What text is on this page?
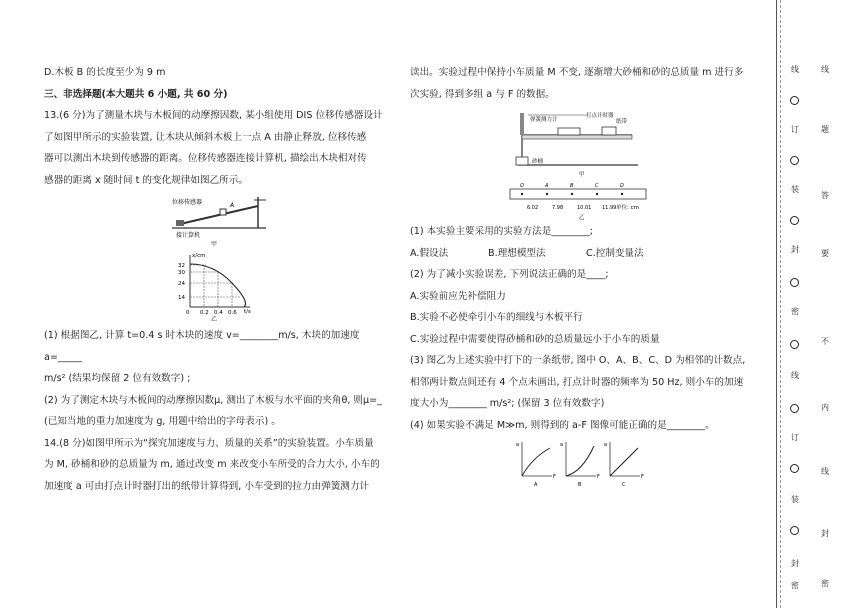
D.木板 B 的长度至少为 9 m

三、非选择题(本大题共 6 小题, 共 60 分)

13.(6 分)为了测量木块与木板间的动摩擦因数, 某小组使用 DIS 位移传感器设计

了如图甲所示的实验装置, 让木块从倾斜木板上一点 A 由静止释放, 位移传感

器可以测出木块到传感器的距离。位移传感器连接计算机, 描绘出木块相对传

感器的距离 x 随时间 t 的变化规律如图乙所示。

位移传感器
接计算机
A
甲
x/cm
t/s
32
30
24
14
0 0.2 0.4 0.6
乙

(1) 根据图乙, 计算 t=0.4 s 时木块的速度 v=________m/s, 木块的加速度 a=_____

m/s² (结果均保留 2 位有效数字) ;

(2) 为了测定木块与木板间的动摩擦因数μ, 测出了木板与水平面的夹角θ, 则μ=_

(已知当地的重力加速度为 g, 用题中给出的字母表示) 。

14.(8 分)如图甲所示为“探究加速度与力、质量的关系”的实验装置。小车质量

为 M, 砂桶和砂的总质量为 m, 通过改变 m 来改变小车所受的合力大小, 小车的

加速度 a 可由打点计时器打出的纸带计算得到, 小车受到的拉力由弹簧测力计

读出。实验过程中保持小车质量 M 不变, 逐渐增大砂桶和砂的总质量 m 进行多

次实验, 得到多组 a 与 F 的数据。

弹簧测力计
打点计时器
纸带
砂桶
甲
O	A	B	C	D
6.02	7.98	10.01 11.99 单位: cm
乙

(1) 本实验主要采用的实验方法是________;

A.假设法	B.理想模型法	C.控制变量法

(2) 为了减小实验误差, 下列说法正确的是____;

A.实验前应先补偿阻力

B.实验不必使牵引小车的细线与木板平行

C.实验过程中需要使得砂桶和砂的总质量远小于小车的质量

(3) 图乙为上述实验中打下的一条纸带, 图中 O、A、B、C、D 为相邻的计数点,

相邻两计数点间还有 4 个点未画出, 打点计时器的频率为 50 Hz, 则小车的加速

度大小为________ m/s²; (保留 3 位有效数字)

(4) 如果实验不满足 M≫m, 则得到的 a-F 图像可能正确的是________。

a
F
A
a
F
B
a
F
C
线
题
答
要
不
内
线
封
密
线
订
装
封
密
线
订
装
封
密
